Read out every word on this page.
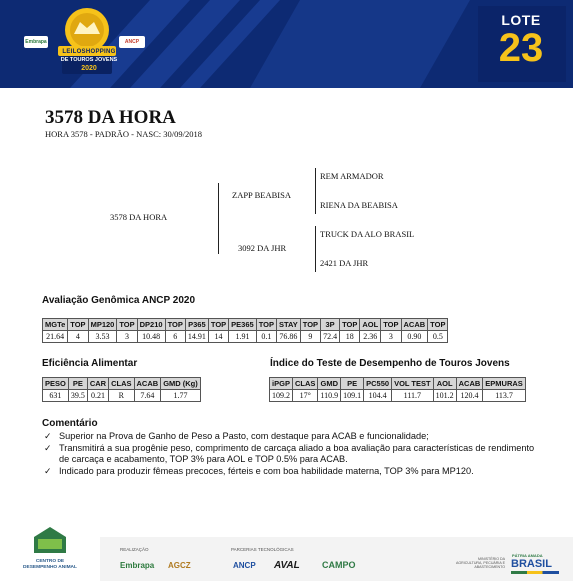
Embrapa
LEILOSHOPPING
DE TOUROS JOVENS
2020
ANCP
LOTE
23
3578 DA HORA
HORA 3578 - PADRÃO - NASC: 30/09/2018
3578 DA HORA
ZAPP BEABISA
3092 DA JHR
REM ARMADOR
RIENA DA BEABISA
TRUCK DA ALO BRASIL
2421 DA JHR
Avaliação Genômica ANCP 2020
MGTe	TOP	MP120	TOP	DP210	TOP	P365	TOP	PE365	TOP	STAY	TOP	3P	TOP	AOL	TOP	ACAB	TOP
21.64	4	3.53	3	10.48	6	14.91	14	1.91	0.1	76.86	9	72.4	18	2.36	3	0.90	0.5
Eficiência Alimentar
PESO	PE	CAR	CLAS	ACAB	GMD (Kg)
631	39.5	0.21	R	7.64	1.77
Índice do Teste de Desempenho de Touros Jovens
iPGP	CLAS	GMD	PE	PC550	VOL TEST	AOL	ACAB	EPMURAS
109.2	17°	110.9	109.1	104.4	111.7	101.2	120.4	113.7
Comentário
✓ Superior na Prova de Ganho de Peso a Pasto, com destaque para ACAB e funcionalidade;
✓ Transmitirá a sua progênie peso, comprimento de carcaça aliado a boa avaliação para características de rendimento de carcaça e acabamento, TOP 3% para AOL e TOP 0.5% para ACAB.
✓ Indicado para produzir fêmeas precoces, férteis e com boa habilidade materna, TOP 3% para MP120.
CENTRO DE DESEMPENHO ANIMAL
REALIZAÇÃO
Embrapa AGCZ
PARCERIAS TECNOLÓGICAS
ANCP AVAL CAMPO
MINISTÉRIO DA AGRICULTURA, PECUÁRIA E ABASTECIMENTO
PÁTRIA AMADA
BRASIL
